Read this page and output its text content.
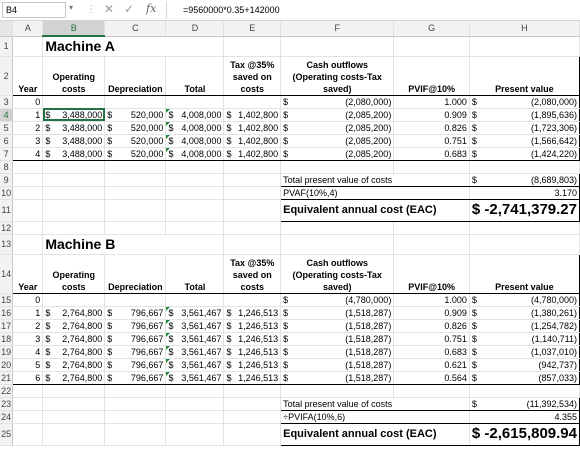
B4	▾ ⋮ ✕ ✓ fx	=9560000*0.35+142000
	A	B	C	D	E	F	G	H
1		Machine A						
2	Year	Operating costs	Depreciation	Total	Tax @35% saved on costs	Cash outflows (Operating costs-Tax saved)	PVIF@10%	Present value
3	0					$ (2,080,000)	1.000	$ (2,080,000)

4	1	$ 3,488,000	$ 520,000	$ 4,008,000	$ 1,402,800	$ (2,085,200)	0.909	$ (1,895,636)

5	2	$ 3,488,000	$ 520,000	$ 4,008,000	$ 1,402,800	$ (2,085,200)	0.826	$ (1,723,306)

6	3	$ 3,488,000	$ 520,000	$ 4,008,000	$ 1,402,800	$ (2,085,200)	0.751	$ (1,566,642)

7	4	$ 3,488,000	$ 520,000	$ 4,008,000	$ 1,402,800	$ (2,085,200)	0.683	$ (1,424,220)

8								
9						Total present value of costs		$ (8,689,803)

10						PVAF(10%,4)		3.170
11						Equivalent annual cost (EAC)		$ -2,741,379.27
12								
13		Machine B						
14	Year	Operating costs	Depreciation	Total	Tax @35% saved on costs	Cash outflows (Operating costs-Tax saved)	PVIF@10%	Present value
15	0					$ (4,780,000)	1.000	$ (4,780,000)

16	1	$ 2,764,800	$ 796,667	$ 3,561,467	$ 1,246,513	$ (1,518,287)	0.909	$ (1,380,261)

17	2	$ 2,764,800	$ 796,667	$ 3,561,467	$ 1,246,513	$ (1,518,287)	0.826	$ (1,254,782)

18	3	$ 2,764,800	$ 796,667	$ 3,561,467	$ 1,246,513	$ (1,518,287)	0.751	$ (1,140,711)

19	4	$ 2,764,800	$ 796,667	$ 3,561,467	$ 1,246,513	$ (1,518,287)	0.683	$ (1,037,010)

20	5	$ 2,764,800	$ 796,667	$ 3,561,467	$ 1,246,513	$ (1,518,287)	0.621	$ (942,737)

21	6	$ 2,764,800	$ 796,667	$ 3,561,467	$ 1,246,513	$ (1,518,287)	0.564	$ (857,033)

22								
23						Total present value of costs		$ (11,392,534)

24						÷PVIFA(10%,6)		4.355
25						Equivalent annual cost (EAC)		$ -2,615,809.94
